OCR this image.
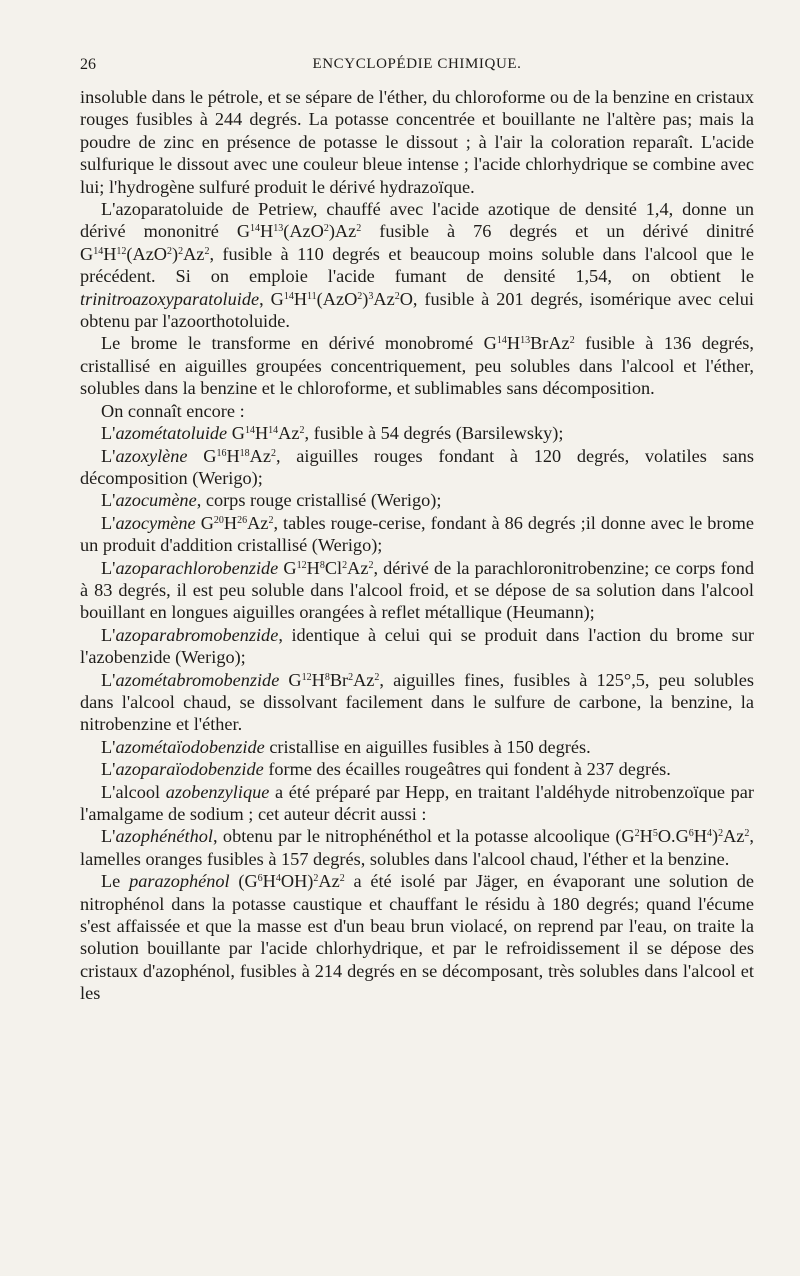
26	ENCYCLOPÉDIE CHIMIQUE.

insoluble dans le pétrole, et se sépare de l'éther, du chloroforme ou de la benzine en cristaux rouges fusibles à 244 degrés. La potasse concentrée et bouillante ne l'altère pas; mais la poudre de zinc en présence de potasse le dissout ; à l'air la coloration reparaît. L'acide sulfurique le dissout avec une couleur bleue intense ; l'acide chlorhydrique se combine avec lui; l'hydrogène sulfuré produit le dérivé hydrazoïque.

L'azoparatoluide de Petriew, chauffé avec l'acide azotique de densité 1,4, donne un dérivé mononitré $G^{14}H^{13}(AzO^2)Az^2$ fusible à 76 degrés et un dérivé dinitré $G^{14}H^{12}(AzO^2)^2Az^2$, fusible à 110 degrés et beaucoup moins soluble dans l'alcool que le précédent. Si on emploie l'acide fumant de densité 1,54, on obtient le trinitroazoxyparatoluide, $G^{14}H^{11}(AzO^2)^3Az^2O$, fusible à 201 degrés, isomérique avec celui obtenu par l'azoorthotoluide.

Le brome le transforme en dérivé monobromé $G^{14}H^{13}BrAz^2$ fusible à 136 degrés, cristallisé en aiguilles groupées concentriquement, peu solubles dans l'alcool et l'éther, solubles dans la benzine et le chloroforme, et sublimables sans décomposition.

On connaît encore :

L'azométatoluide $G^{14}H^{14}Az^2$, fusible à 54 degrés (Barsilewsky);

L'azoxylène $G^{16}H^{18}Az^2$, aiguilles rouges fondant à 120 degrés, volatiles sans décomposition (Werigo);

L'azocumène, corps rouge cristallisé (Werigo);

L'azocymène $G^{20}H^{26}Az^2$, tables rouge-cerise, fondant à 86 degrés ;il donne avec le brome un produit d'addition cristallisé (Werigo);

L'azoparachlorobenzide $G^{12}H^8Cl^2Az^2$, dérivé de la parachloronitrobenzine; ce corps fond à 83 degrés, il est peu soluble dans l'alcool froid, et se dépose de sa solution dans l'alcool bouillant en longues aiguilles orangées à reflet métallique (Heumann);

L'azoparabromobenzide, identique à celui qui se produit dans l'action du brome sur l'azobenzide (Werigo);

L'azométabromobenzide $G^{12}H^8Br^2Az^2$, aiguilles fines, fusibles à 125°,5, peu solubles dans l'alcool chaud, se dissolvant facilement dans le sulfure de carbone, la benzine, la nitrobenzine et l'éther.

L'azométaïodobenzide cristallise en aiguilles fusibles à 150 degrés.

L'azoparaïodobenzide forme des écailles rougeâtres qui fondent à 237 degrés.

L'alcool azobenzylique a été préparé par Hepp, en traitant l'aldéhyde nitrobenzoïque par l'amalgame de sodium ; cet auteur décrit aussi :

L'azophénéthol, obtenu par le nitrophénéthol et la potasse alcoolique $(G^2H^5O.G^6H^4)^2Az^2$, lamelles oranges fusibles à 157 degrés, solubles dans l'alcool chaud, l'éther et la benzine.

Le parazophénol $(G^6H^4OH)^2Az^2$ a été isolé par Jäger, en évaporant une solution de nitrophénol dans la potasse caustique et chauffant le résidu à 180 degrés; quand l'écume s'est affaissée et que la masse est d'un beau brun violacé, on reprend par l'eau, on traite la solution bouillante par l'acide chlorhydrique, et par le refroidissement il se dépose des cristaux d'azophénol, fusibles à 214 degrés en se décomposant, très solubles dans l'alcool et les
